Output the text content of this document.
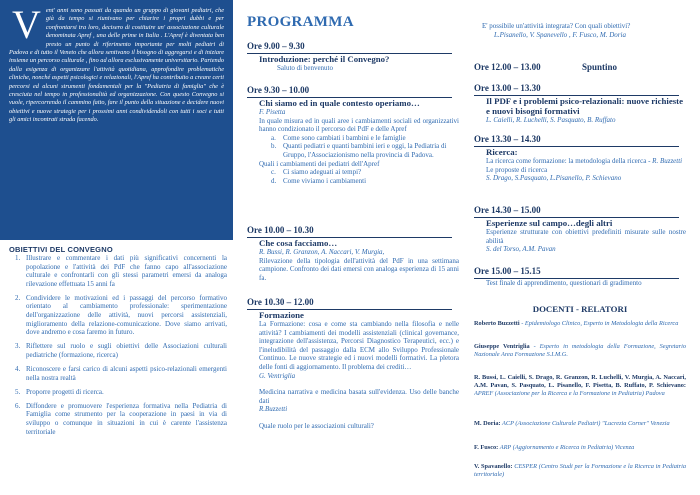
V ent' anni sono passati da quando un gruppo di giovani pediatri, che già da tempo si riunivano per chiarire i propri dubbi e per confrontarsi tra loro, decisero di costituire un' associazione culturale denominata Apref , una delle prime in Italia . L'Apref è diventata ben presto un punto di riferimento importante per molti pediatri di Padova e di tutto il Veneto che allora sentivano il bisogno di aggregarsi e di iniziare insieme un percorso culturale , fino ad allora esclusivamente universitario. Partendo dalla esigenza di organizzare l'attività quotidiana, approfondire problematiche cliniche, nonché aspetti psicologici e relazionali, l'Apref ha contribuito a creare certi percorsi ed alcuni strumenti fondamentali per la "Pediatria di famiglia" che è cresciuta nel tempo in professionalità ed organizzazione. Con questo Convegno si vuole, ripercorrendo il cammino fatto, fare il punto della situazione e decidere nuovi obiettivi e nuove strategie per i prossimi anni condividendoli con tutti i soci e tutti gli amici incontrati strada facendo.
OBIETTIVI DEL CONVEGNO
1. Illustrare e commentare i dati più significativi concernenti la popolazione e l'attività dei PdF che fanno capo all'associazione culturale e confrontarli con gli stessi parametri emersi da analoga rilevazione effettuata 15 anni fa
2. Condividere le motivazioni ed i passaggi del percorso formativo orientato al cambiamento professionale: sperimentazione dell'organizzazione delle attività, nuovi percorsi assistenziali, miglioramento della relazione-comunicazione. Dove siamo arrivati, dove andremo e cosa faremo in futuro.
3. Riflettere sul ruolo e sugli obiettivi delle Associazioni culturali pediatriche (formazione, ricerca)
4. Riconoscere e farsi carico di alcuni aspetti psico-relazionali emergenti nella nostra realtà
5. Proporre progetti di ricerca.
6. Diffondere e promuovere l'esperienza formativa nella Pediatria di Famiglia come strumento per la cooperazione in paesi in via di sviluppo o comunque in situazioni in cui è carente l'assistenza territoriale
PROGRAMMA
Ore 9.00 – 9.30
Introduzione: perché il Convegno?
Saluto di benvenuto
Ore 9.30 – 10.00
Chi siamo ed in quale contesto operiamo…
F. Pisetta
In quale misura ed in quali aree i cambiamenti sociali ed organizzativi hanno condizionato il percorso dei PdF e delle Apref
a.	Come sono cambiati i bambini e le famiglie
b. Quanti pediatri e quanti bambini ieri e oggi, la Pediatria di Gruppo, l'Associazionismo nella provincia di Padova.
Quali i cambiamenti dei pediatri dell'Apref
c.	Ci siamo adeguati ai tempi?
d. Come viviamo i cambiamenti
Ore 10.00 – 10.30
Che cosa facciamo…
R. Bussi, R. Granzon, A. Naccari, V. Murgia,
Rilevazione della tipologia dell'attività del PdF in una settimana campione. Confronto dei dati emersi con analoga esperienza di 15 anni fa.
Ore 10.30 – 12.00
Formazione
La Formazione: cosa e come sta cambiando nella filosofia e nelle attività? I cambiamenti dei modelli assistenziali (clinical governance, integrazione dell'assistenza, Percorsi Diagnostico Terapeutici, ecc.) e l'ineludibilità del passaggio dalla ECM allo Sviluppo Professionale Continuo. Le nuove strategie ed i nuovi modelli formativi. La pletora delle fonti di aggiornamento. Il problema dei crediti…
G. Ventriglia
Medicina narrativa e medicina basata sull'evidenza. Uso delle banche dati
R.Buzzetti
Quale ruolo per le associazioni culturali?
E' possibile un'attività integrata? Con quali obiettivi?
L.Pisanello, V. Spanevello , F. Fusco, M. Doria
Ore 12.00 – 13.00	Spuntino
Ore 13.00 – 13.30
Il PDF e i problemi psico-relazionali: nuove richieste e nuovi bisogni formativi
L. Caielli, R. Luchelli, S. Pasquato, B. Ruffato
Ore 13.30 – 14.30
Ricerca:
La ricerca come formazione: la metodologia della ricerca - R. Buzzetti
Le proposte di ricerca
S. Drago, S.Pasquato, L.Pisanello, P. Schievano
Ore 14.30 – 15.00
Esperienze sul campo…degli altri
Esperienze strutturate con obiettivi predefiniti misurate sulle nostre abilità
S. del Torso, A.M. Pavan
Ore 15.00 – 15.15
Test finale di apprendimento, questionari di gradimento
DOCENTI - RELATORI
Roberto Buzzetti - Epidemiologo Clinico, Esperto in Metodologia della Ricerca
Giuseppe Ventriglia - Esperto in metodologia della Formazione, Segretario Nazionale Area Formazione S.I.M.G.
R. Bussi, L. Caielli, S. Drago, R. Granzon, R. Luchelli, V. Murgia, A. Naccari, A.M. Pavan, S. Pasquato, L. Pisanello, F. Pisetta, B. Ruffato, P. Schievano: APREF (Associazione per la Ricerca e la Formazione in Pediatria) Padova
M. Doria: ACP (Associazione Culturale Pediatri) "Lucrezia Corner" Venezia
F. Fusco: ARP (Aggiornamento e Ricerca in Pediatria) Vicenza
V. Spavanello: CESPER (Centro Studi per la Formazione e la Ricerca in Pediatria territoriale)
